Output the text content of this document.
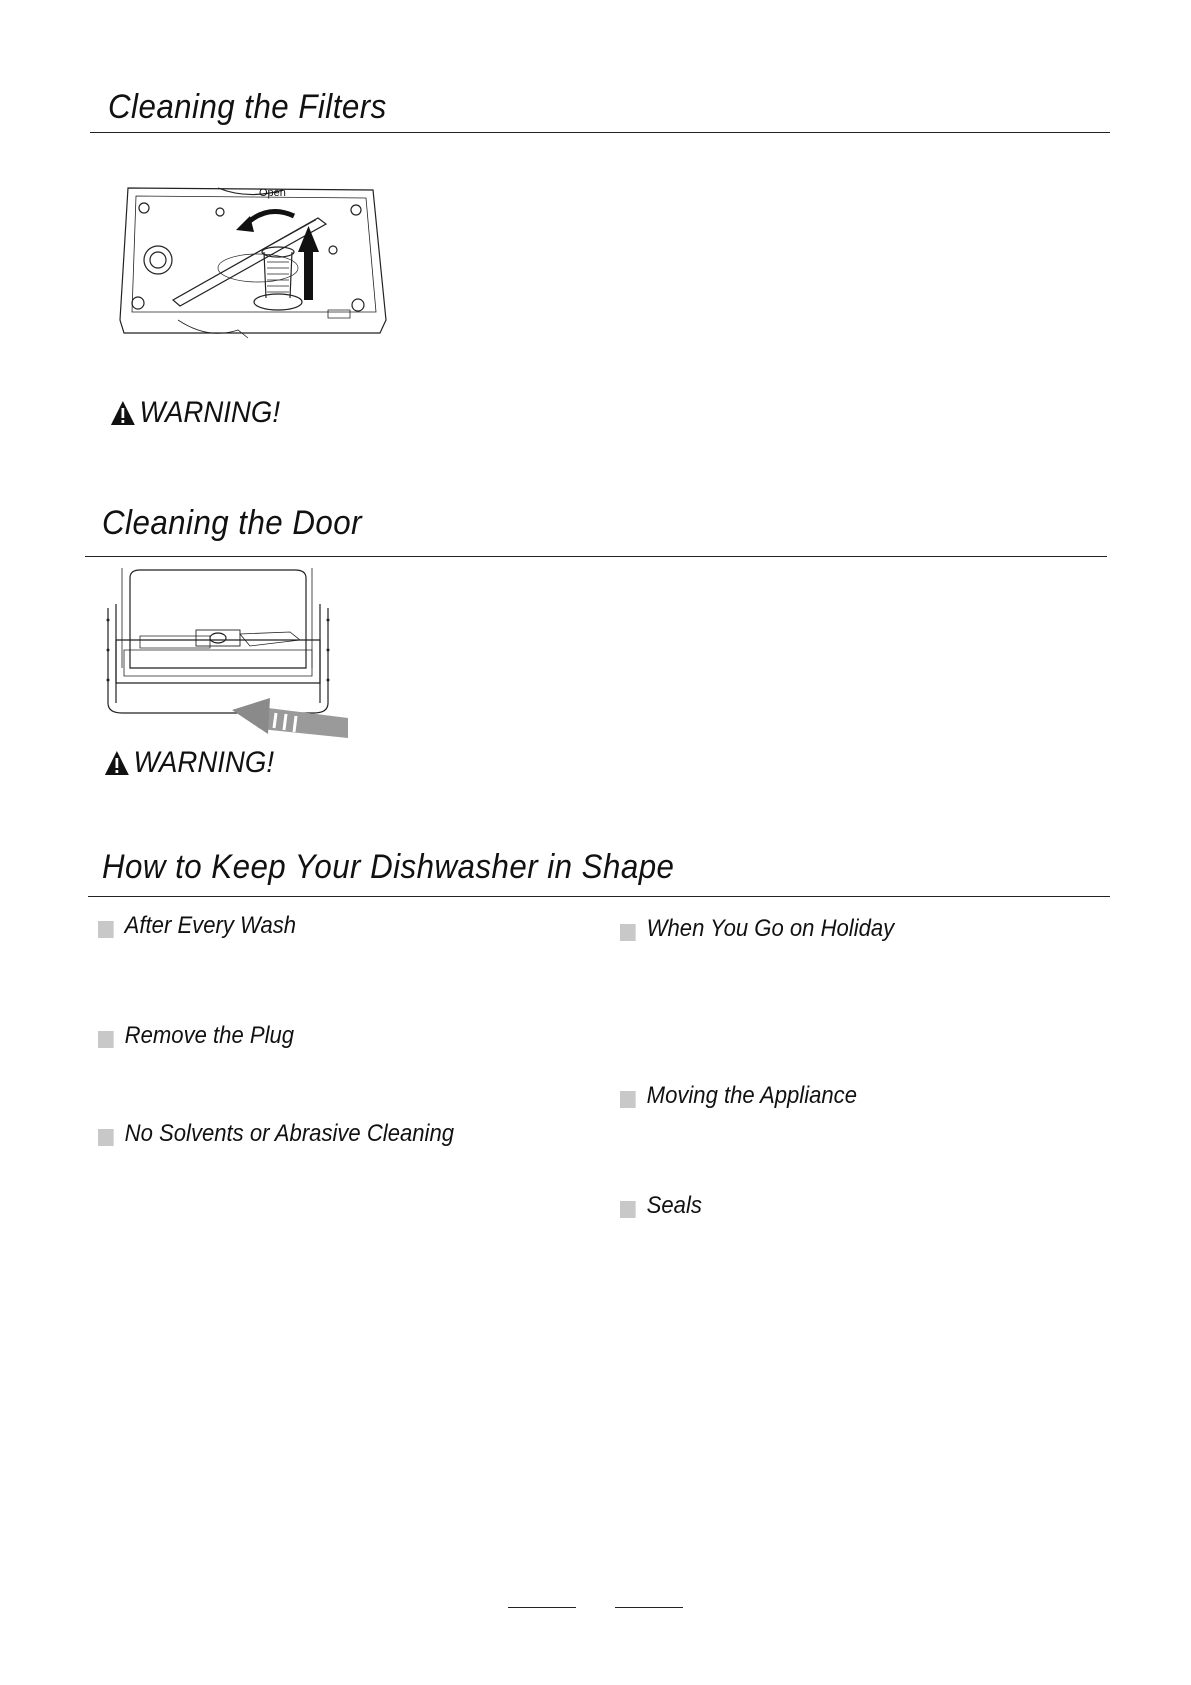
Cleaning the Filters
Open
WARNING!
Cleaning the Door
WARNING!
How to Keep Your Dishwasher in Shape
After Every Wash
Remove the Plug
No Solvents or Abrasive Cleaning
When You Go on Holiday
Moving the Appliance
Seals
